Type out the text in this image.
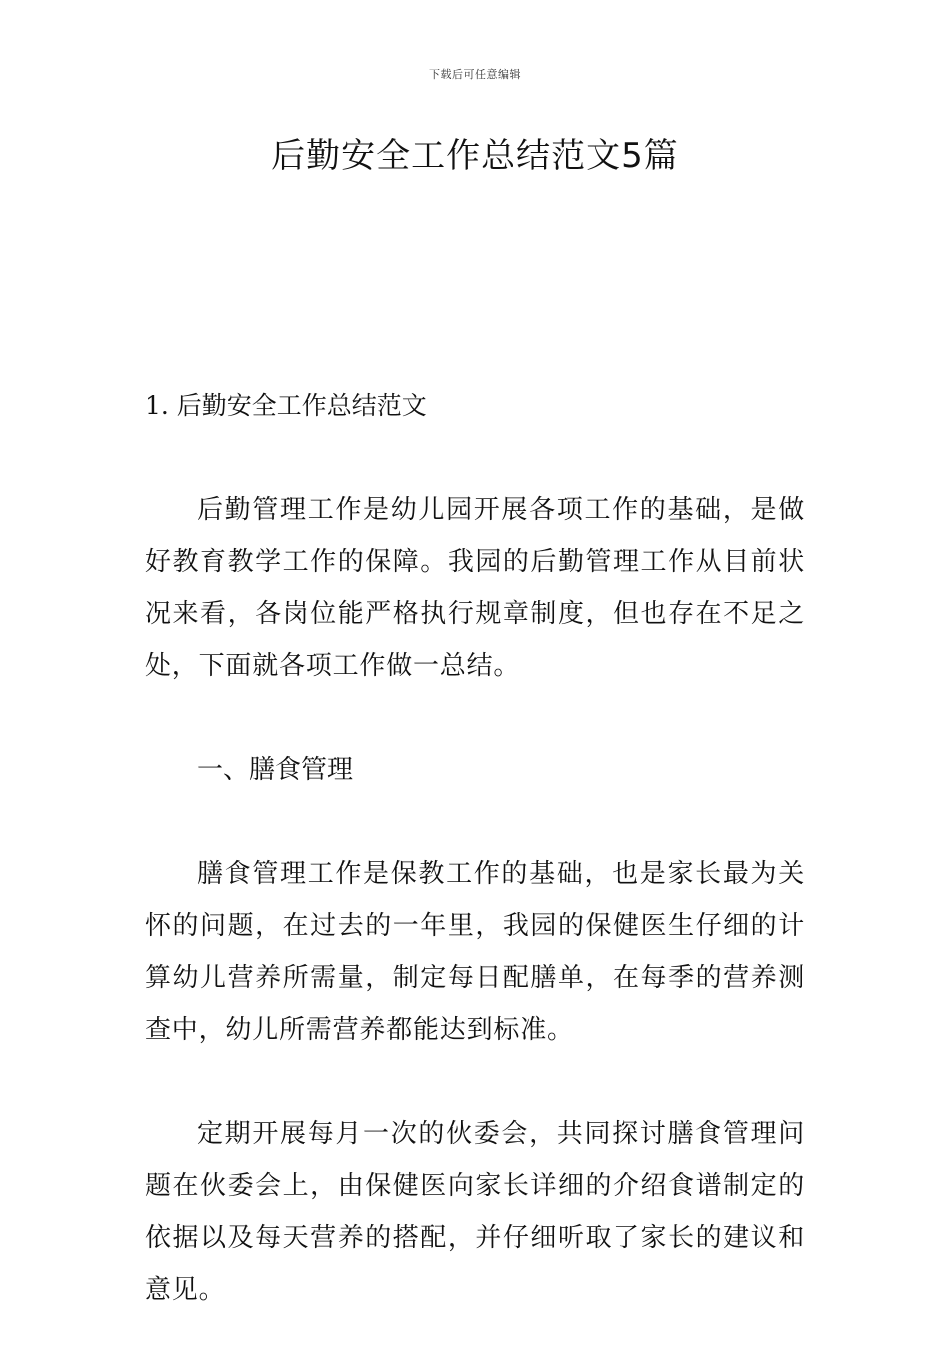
下载后可任意编辑
后勤安全工作总结范文5篇

1. 后勤安全工作总结范文

后勤管理工作是幼儿园开展各项工作的基础，是做好教育教学工作的保障。我园的后勤管理工作从目前状况来看，各岗位能严格执行规章制度，但也存在不足之处，下面就各项工作做一总结。

一、膳食管理

膳食管理工作是保教工作的基础，也是家长最为关怀的问题，在过去的一年里，我园的保健医生仔细的计算幼儿营养所需量，制定每日配膳单，在每季的营养测查中，幼儿所需营养都能达到标准。

定期开展每月一次的伙委会，共同探讨膳食管理问题在伙委会上，由保健医向家长详细的介绍食谱制定的依据以及每天营养的搭配，并仔细听取了家长的建议和意见。
